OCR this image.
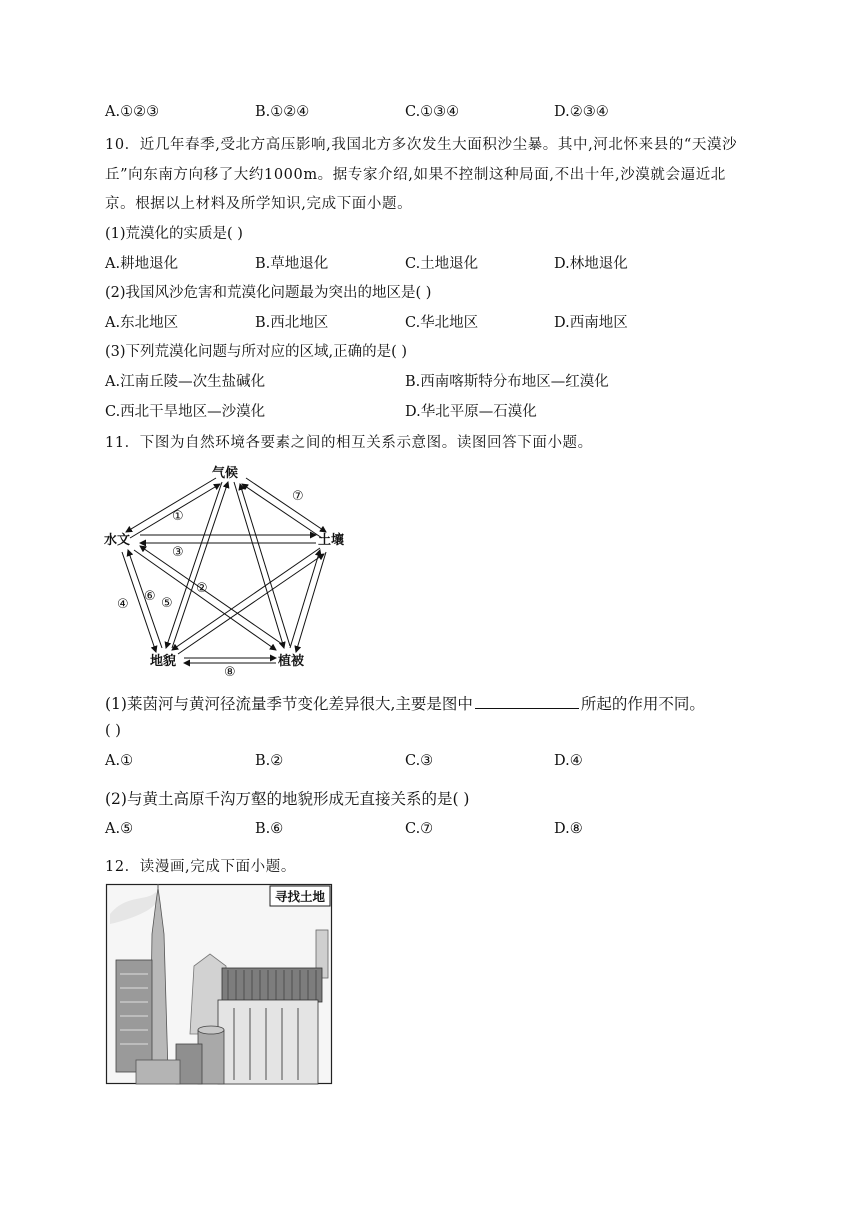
A.①②③	B.①②④	C.①③④	D.②③④
10．近几年春季,受北方高压影响,我国北方多次发生大面积沙尘暴。其中,河北怀来县的“天漠沙
丘”向东南方向移了大约1000m。据专家介绍,如果不控制这种局面,不出十年,沙漠就会逼近北
京。根据以上材料及所学知识,完成下面小题。
(1)荒漠化的实质是( )
A.耕地退化	B.草地退化	C.土地退化	D.林地退化
(2)我国风沙危害和荒漠化问题最为突出的地区是( )
A.东北地区	B.西北地区	C.华北地区	D.西南地区
(3)下列荒漠化问题与所对应的区域,正确的是( )
A.江南丘陵—次生盐碱化	B.西南喀斯特分布地区—红漠化
C.西北干旱地区—沙漠化	D.华北平原—石漠化
11．下图为自然环境各要素之间的相互关系示意图。读图回答下面小题。
气候
水文	土壤
地貌	植被
①
②
③
④ ⑤
⑥
⑦
⑧
(1)莱茵河与黄河径流量季节变化差异很大,主要是图中	所起的作用不同。
( )
A.①	B.②	C.③	D.④
(2)与黄土高原千沟万壑的地貌形成无直接关系的是( )
A.⑤	B.⑥	C.⑦	D.⑧
12．读漫画,完成下面小题。
寻找土地
